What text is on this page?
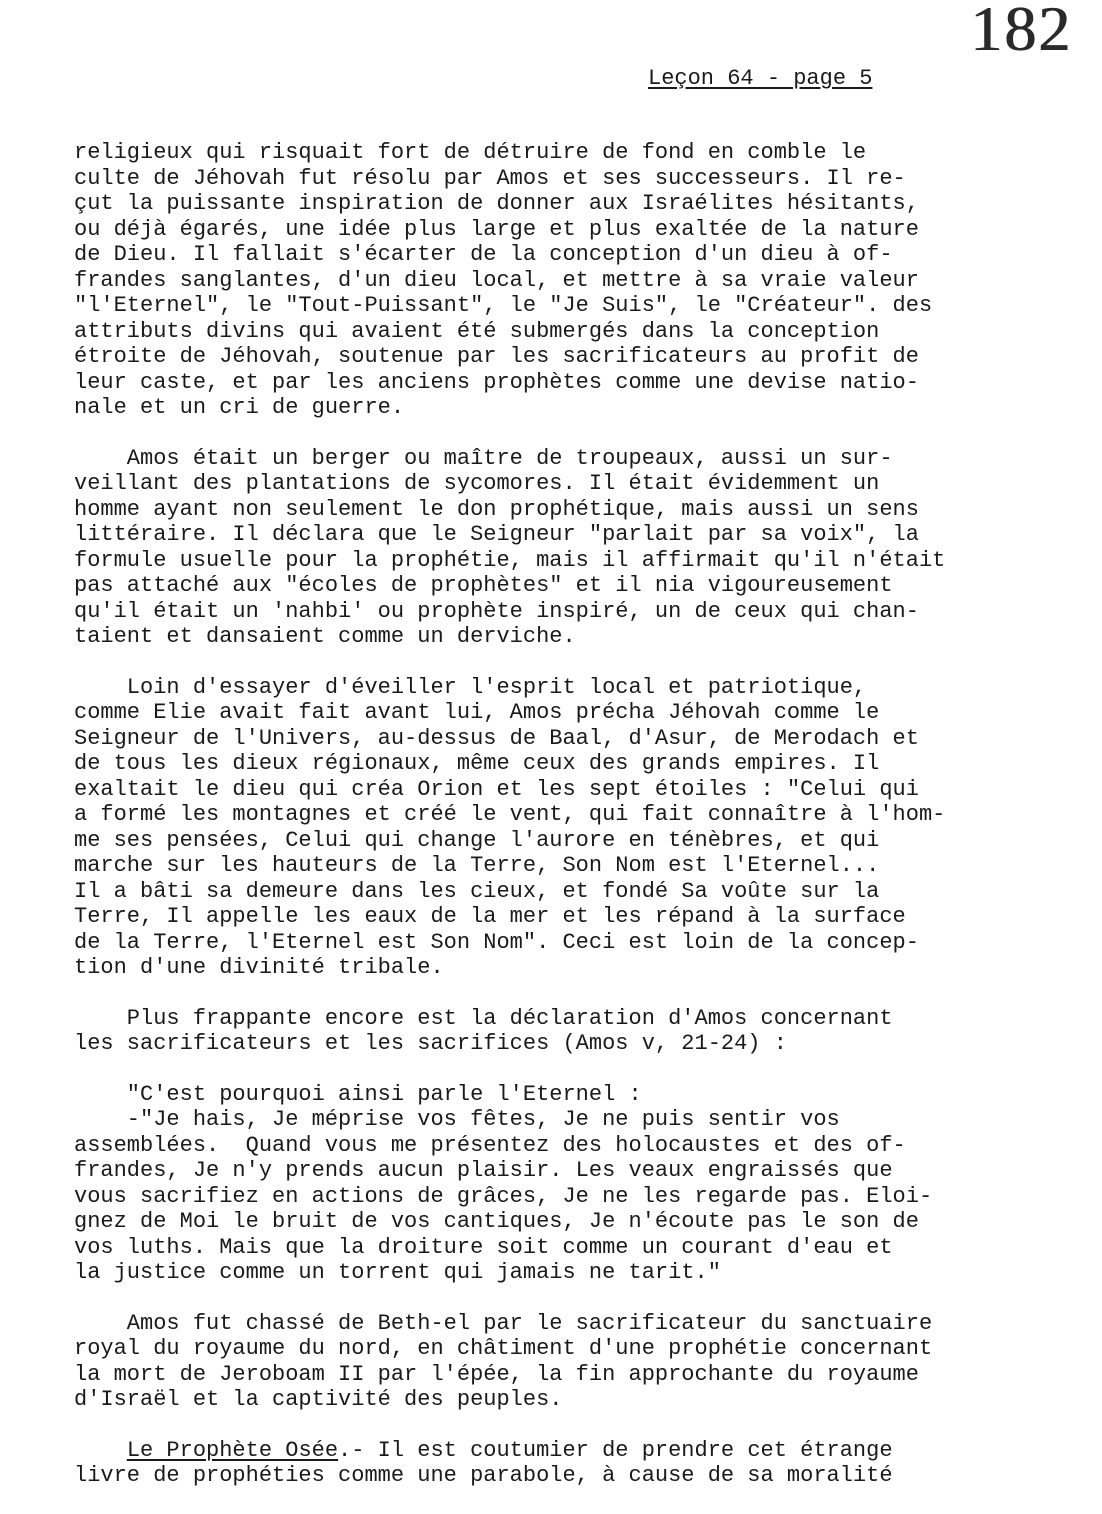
182
Leçon 64 - page 5
religieux qui risquait fort de détruire de fond en comble le
culte de Jéhovah fut résolu par Amos et ses successeurs. Il re-
çut la puissante inspiration de donner aux Israélites hésitants,
ou déjà égarés, une idée plus large et plus exaltée de la nature
de Dieu. Il fallait s'écarter de la conception d'un dieu à of-
frandes sanglantes, d'un dieu local, et mettre à sa vraie valeur
"l'Eternel", le "Tout-Puissant", le "Je Suis", le "Créateur". des
attributs divins qui avaient été submergés dans la conception
étroite de Jéhovah, soutenue par les sacrificateurs au profit de
leur caste, et par les anciens prophètes comme une devise natio-
nale et un cri de guerre.
Amos était un berger ou maître de troupeaux, aussi un sur-
veillant des plantations de sycomores. Il était évidemment un
homme ayant non seulement le don prophétique, mais aussi un sens
littéraire. Il déclara que le Seigneur "parlait par sa voix", la
formule usuelle pour la prophétie, mais il affirmait qu'il n'était
pas attaché aux "écoles de prophètes" et il nia vigoureusement
qu'il était un 'nahbi' ou prophète inspiré, un de ceux qui chan-
taient et dansaient comme un derviche.
Loin d'essayer d'éveiller l'esprit local et patriotique,
comme Elie avait fait avant lui, Amos précha Jéhovah comme le
Seigneur de l'Univers, au-dessus de Baal, d'Asur, de Merodach et
de tous les dieux régionaux, même ceux des grands empires. Il
exaltait le dieu qui créa Orion et les sept étoiles : "Celui qui
a formé les montagnes et créé le vent, qui fait connaître à l'hom-
me ses pensées, Celui qui change l'aurore en ténèbres, et qui
marche sur les hauteurs de la Terre, Son Nom est l'Eternel...
Il a bâti sa demeure dans les cieux, et fondé Sa voûte sur la
Terre, Il appelle les eaux de la mer et les répand à la surface
de la Terre, l'Eternel est Son Nom". Ceci est loin de la concep-
tion d'une divinité tribale.
Plus frappante encore est la déclaration d'Amos concernant
les sacrificateurs et les sacrifices (Amos v, 21-24) :
"C'est pourquoi ainsi parle l'Eternel :
-"Je hais, Je méprise vos fêtes, Je ne puis sentir vos
assemblées.  Quand vous me présentez des holocaustes et des of-
frandes, Je n'y prends aucun plaisir. Les veaux engraissés que
vous sacrifiez en actions de grâces, Je ne les regarde pas. Eloi-
gnez de Moi le bruit de vos cantiques, Je n'écoute pas le son de
vos luths. Mais que la droiture soit comme un courant d'eau et
la justice comme un torrent qui jamais ne tarit."
Amos fut chassé de Beth-el par le sacrificateur du sanctuaire
royal du royaume du nord, en châtiment d'une prophétie concernant
la mort de Jeroboam II par l'épée, la fin approchante du royaume
d'Israël et la captivité des peuples.
Le Prophète Osée.- Il est coutumier de prendre cet étrange
livre de prophéties comme une parabole, à cause de sa moralité
